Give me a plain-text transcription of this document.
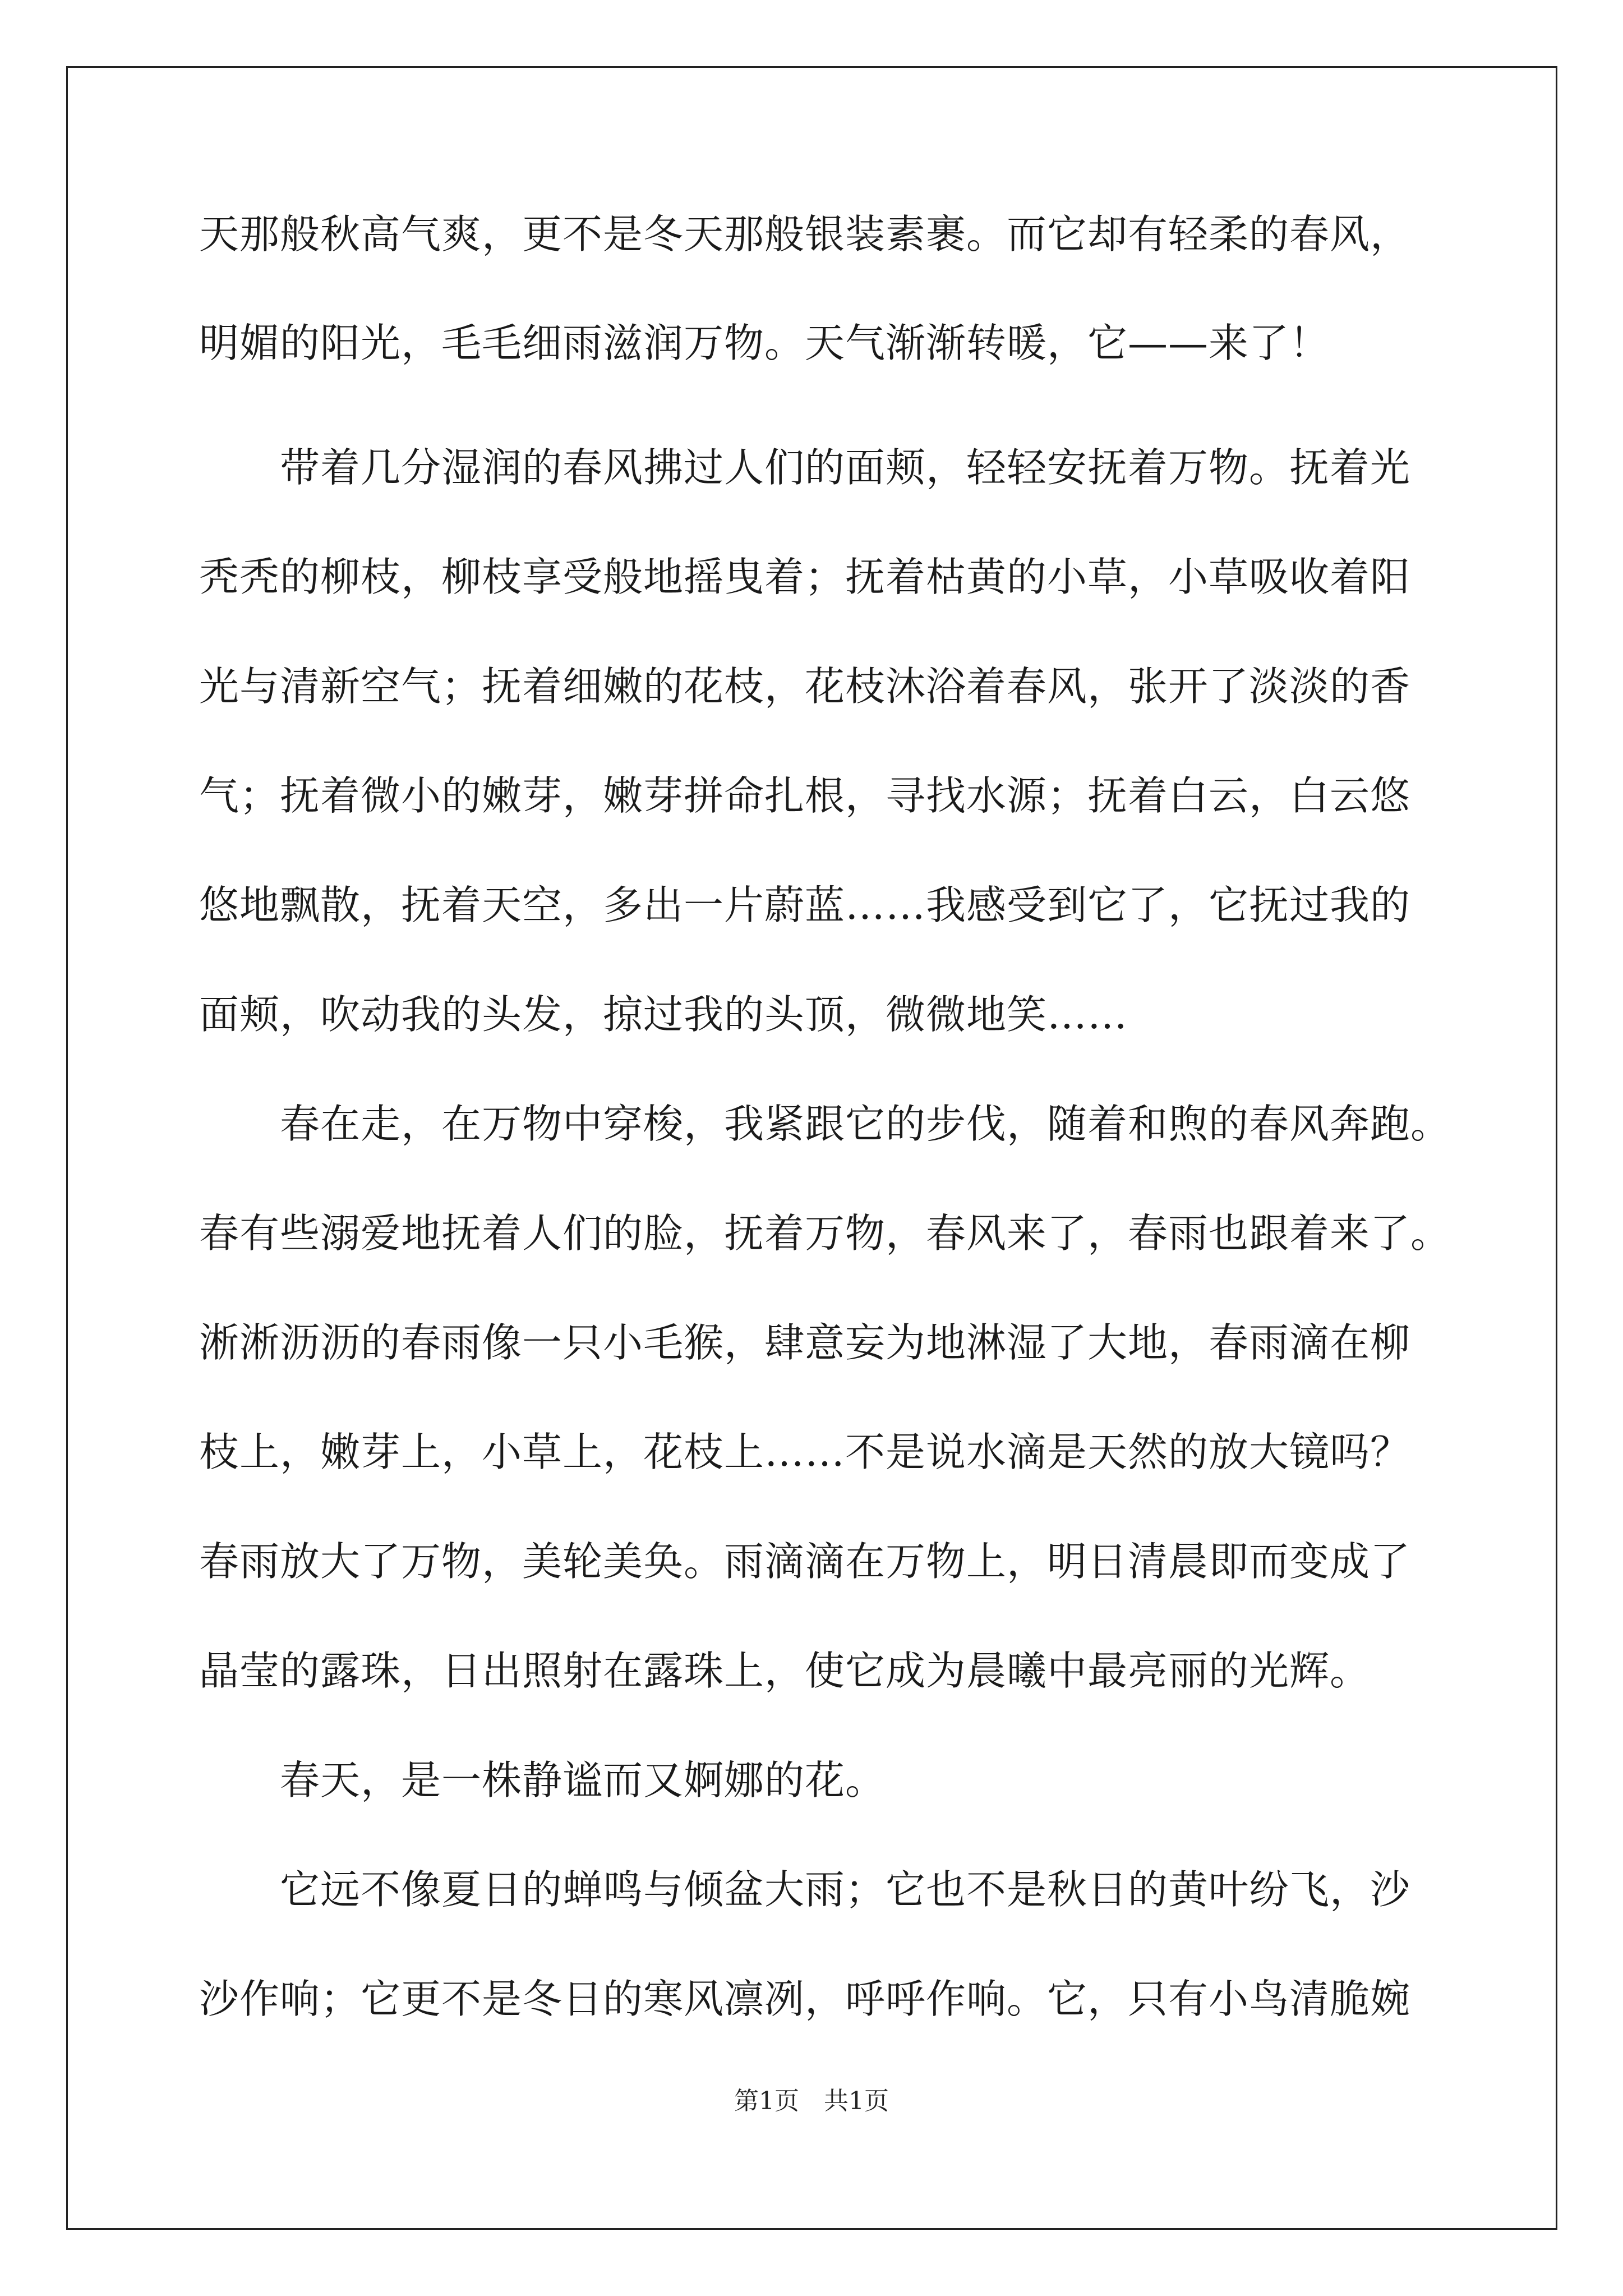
天那般秋高气爽，更不是冬天那般银装素裹。而它却有轻柔的春风，
明媚的阳光，毛毛细雨滋润万物。天气渐渐转暖，它——来了！
　　带着几分湿润的春风拂过人们的面颊，轻轻安抚着万物。抚着光
秃秃的柳枝，柳枝享受般地摇曳着；抚着枯黄的小草，小草吸收着阳
光与清新空气；抚着细嫩的花枝，花枝沐浴着春风，张开了淡淡的香
气；抚着微小的嫩芽，嫩芽拼命扎根，寻找水源；抚着白云，白云悠
悠地飘散，抚着天空，多出一片蔚蓝……我感受到它了，它抚过我的
面颊，吹动我的头发，掠过我的头顶，微微地笑……
　　春在走，在万物中穿梭，我紧跟它的步伐，随着和煦的春风奔跑。
春有些溺爱地抚着人们的脸，抚着万物，春风来了，春雨也跟着来了。
淅淅沥沥的春雨像一只小毛猴，肆意妄为地淋湿了大地，春雨滴在柳
枝上，嫩芽上，小草上，花枝上……不是说水滴是天然的放大镜吗？
春雨放大了万物，美轮美奂。雨滴滴在万物上，明日清晨即而变成了
晶莹的露珠，日出照射在露珠上，使它成为晨曦中最亮丽的光辉。
　　春天，是一株静谧而又婀娜的花。
　　它远不像夏日的蝉鸣与倾盆大雨；它也不是秋日的黄叶纷飞，沙
沙作响；它更不是冬日的寒风凛冽，呼呼作响。它，只有小鸟清脆婉
第1页　共1页
